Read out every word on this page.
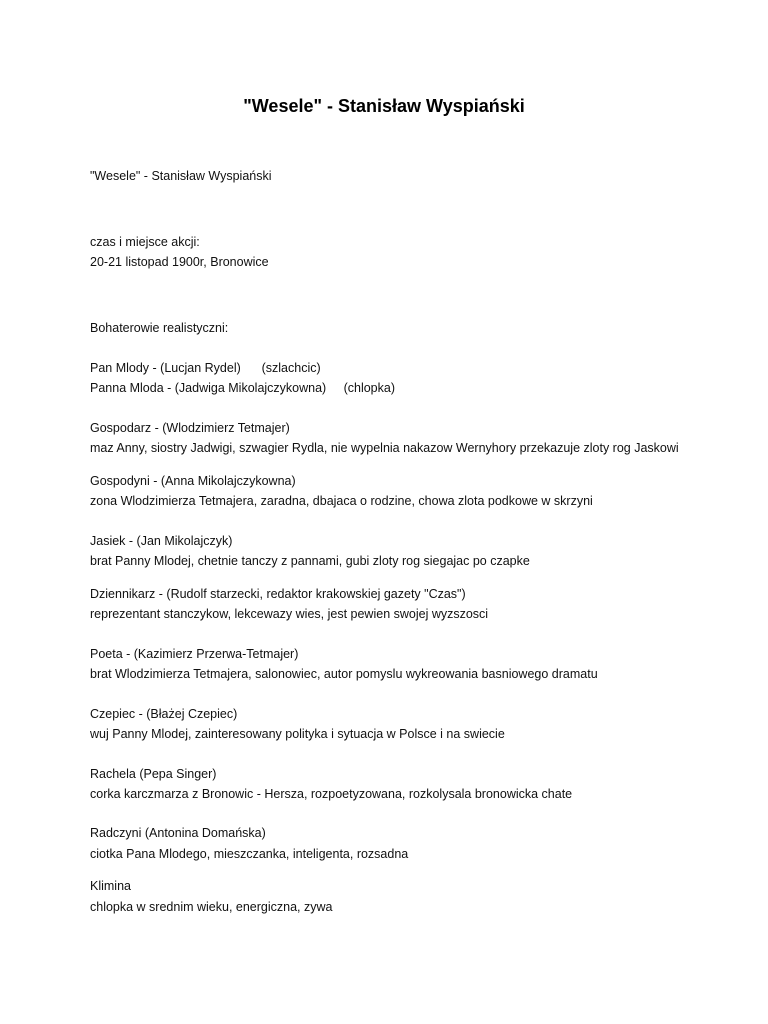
"Wesele" - Stanisław Wyspiański
"Wesele" - Stanisław Wyspiański
czas i miejsce akcji:
20-21 listopad 1900r, Bronowice
Bohaterowie realistyczni:
Pan Mlody - (Lucjan Rydel)      (szlachcic)
Panna Mloda - (Jadwiga Mikolajczykowna)     (chlopka)
Gospodarz - (Wlodzimierz Tetmajer)
maz Anny, siostry Jadwigi, szwagier Rydla, nie wypelnia nakazow Wernyhory przekazuje zloty rog Jaskowi
Gospodyni - (Anna Mikolajczykowna)
zona Wlodzimierza Tetmajera, zaradna, dbajaca o rodzine, chowa zlota podkowe w skrzyni
Jasiek - (Jan Mikolajczyk)
brat Panny Mlodej, chetnie tanczy z pannami, gubi zloty rog siegajac po czapke
Dziennikarz - (Rudolf starzecki, redaktor krakowskiej gazety "Czas")
reprezentant stanczykow, lekcewazy wies, jest pewien swojej wyzszosci
Poeta - (Kazimierz Przerwa-Tetmajer)
brat Wlodzimierza Tetmajera, salonowiec, autor pomyslu wykreowania basniowego dramatu
Czepiec - (Błażej Czepiec)
wuj Panny Mlodej, zainteresowany polityka i sytuacja w Polsce i na swiecie
Rachela (Pepa Singer)
corka karczmarza z Bronowic - Hersza, rozpoetyzowana, rozkolysala bronowicka chate
Radczyni (Antonina Domańska)
ciotka Pana Mlodego, mieszczanka, inteligenta, rozsadna
Klimina
chlopka w srednim wieku, energiczna, zywa
